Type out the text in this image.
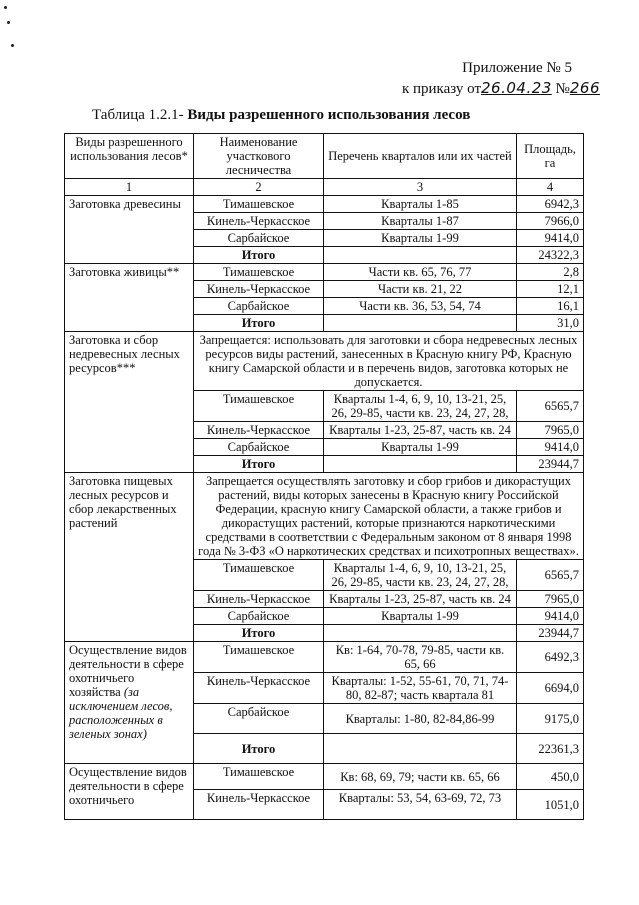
Приложение № 5
к приказу от26.04.23 №266
Таблица 1.2.1- Виды разрешенного использования лесов
Виды разрешенного использования лесов*	Наименование участкового лесничества	Перечень кварталов или их частей	Площадь, га
1	2	3	4
Заготовка древесины	Тимашевское	Кварталы 1-85	6942,3
	Кинель-Черкасское	Кварталы 1-87	7966,0
	Сарбайское	Кварталы 1-99	9414,0
	Итого		24322,3
Заготовка живицы**	Тимашевское	Части кв. 65, 76, 77	2,8
	Кинель-Черкасское	Части кв. 21, 22	12,1
	Сарбайское	Части кв. 36, 53, 54, 74	16,1
	Итого		31,0
Заготовка и сбор недревесных лесных ресурсов***	Запрещается: использовать для заготовки и сбора недревесных лесных ресурсов виды растений, занесенных в Красную книгу РФ, Красную книгу Самарской области и в перечень видов, заготовка которых не допускается.		
	Тимашевское	Кварталы 1-4, 6, 9, 10, 13-21, 25, 26, 29-85, части кв. 23, 24, 27, 28,	6565,7
	Кинель-Черкасское	Кварталы 1-23, 25-87, часть кв. 24	7965,0
	Сарбайское	Кварталы 1-99	9414,0
	Итого		23944,7
Заготовка пищевых лесных ресурсов и сбор лекарственных растений	Запрещается осуществлять заготовку и сбор грибов и дикорастущих растений, виды которых занесены в Красную книгу Российской Федерации, красную книгу Самарской области, а также грибов и дикорастущих растений, которые признаются наркотическими средствами в соответствии с Федеральным законом от 8 января 1998 года № 3-ФЗ «О наркотических средствах и психотропных веществах».		
	Тимашевское	Кварталы 1-4, 6, 9, 10, 13-21, 25, 26, 29-85, части кв. 23, 24, 27, 28,	6565,7
	Кинель-Черкасское	Кварталы 1-23, 25-87, часть кв. 24	7965,0
	Сарбайское	Кварталы 1-99	9414,0
	Итого		23944,7
Осуществление видов деятельности в сфере охотничьего хозяйства (за исключением лесов, расположенных в зеленых зонах)	Тимашевское	Кв: 1-64, 70-78, 79-85, части кв. 65, 66	6492,3
	Кинель-Черкасское	Кварталы: 1-52, 55-61, 70, 71, 74-80, 82-87; часть квартала 81	6694,0
	Сарбайское	Кварталы: 1-80, 82-84,86-99	9175,0
	Итого		22361,3
Осуществление видов деятельности в сфере охотничьего	Тимашевское	Кв: 68, 69, 79; части кв. 65, 66	450,0
	Кинель-Черкасское	Кварталы: 53, 54, 63-69, 72, 73	1051,0
